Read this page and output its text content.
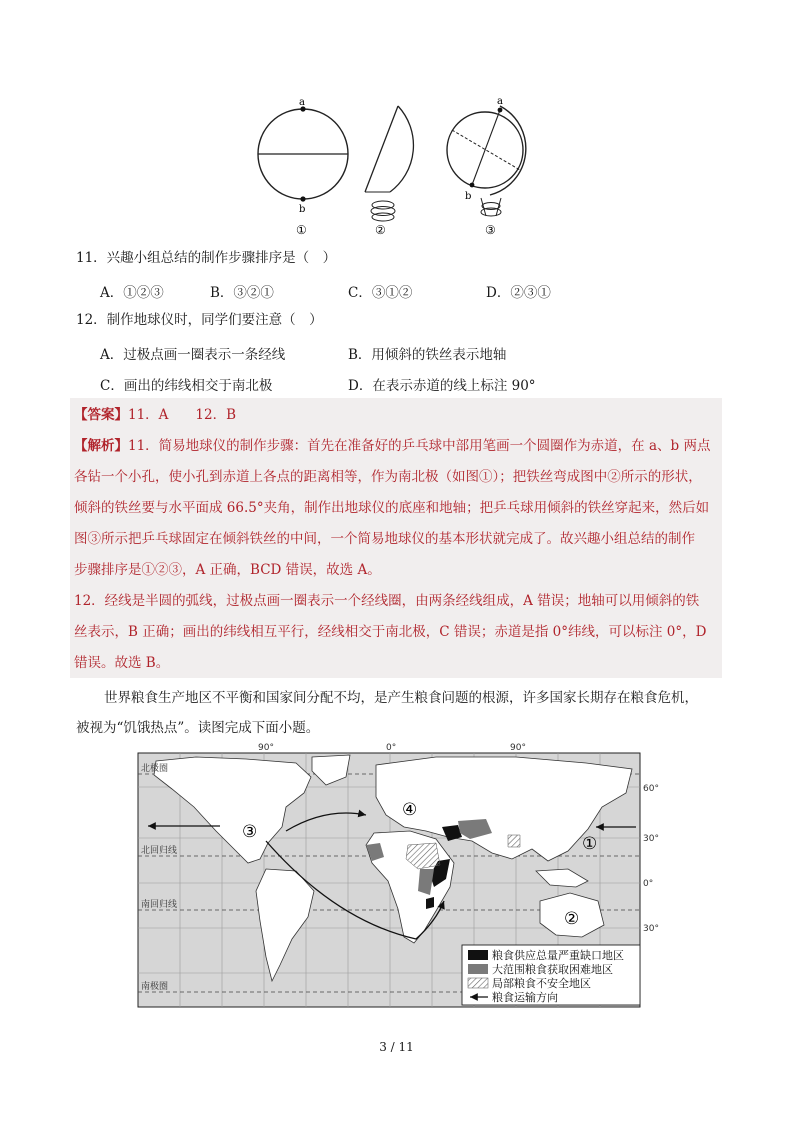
a
b
①	②
a
b
③
11．兴趣小组总结的制作步骤排序是（　）
A．①②③	B．③②①	C．③①②	D．②③①
12．制作地球仪时，同学们要注意（　）
A．过极点画一圈表示一条经线	B．用倾斜的铁丝表示地轴
C．画出的纬线相交于南北极	D．在表示赤道的线上标注 90°
【答案】11．A　　12．B
【解析】11．简易地球仪的制作步骤：首先在准备好的乒乓球中部用笔画一个圆圈作为赤道，在 a、b 两点
各钻一个小孔，使小孔到赤道上各点的距离相等，作为南北极（如图①）；把铁丝弯成图中②所示的形状，
倾斜的铁丝要与水平面成 66.5°夹角，制作出地球仪的底座和地轴；把乒乓球用倾斜的铁丝穿起来，然后如
图③所示把乒乓球固定在倾斜铁丝的中间，一个简易地球仪的基本形状就完成了。故兴趣小组总结的制作
步骤排序是①②③，A 正确，BCD 错误，故选 A。
12．经线是半圆的弧线，过极点画一圈表示一个经线圈，由两条经线组成，A 错误；地轴可以用倾斜的铁
丝表示，B 正确；画出的纬线相互平行，经线相交于南北极，C 错误；赤道是指 0°纬线，可以标注 0°，D
错误。故选 B。
世界粮食生产地区不平衡和国家间分配不均，是产生粮食问题的根源，许多国家长期存在粮食危机，
被视为“饥饿热点”。读图完成下面小题。
③
④
①
②
90°	0°	90°
60°
30°
0°
30°
北极圈
北回归线
南回归线
南极圈
粮食供应总量严重缺口地区
大范围粮食获取困难地区
局部粮食不安全地区
粮食运输方向
3 / 11
